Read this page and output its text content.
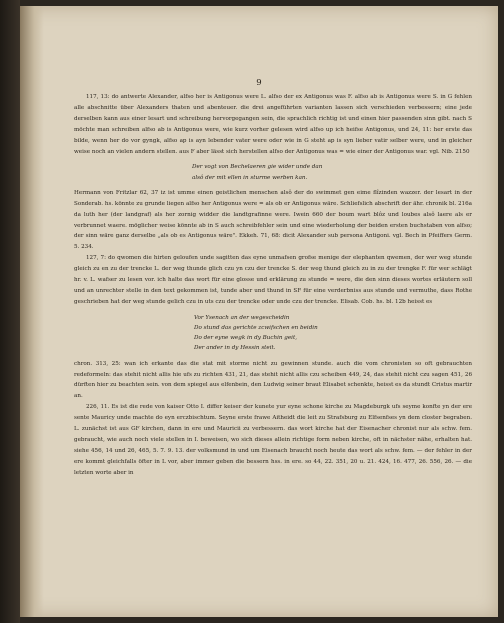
9

117, 13: do antwerte Alexander, alfso her is Antigonus were L. alfso der ex Antigonus was F. alfso ab is Antigonus were S. in G fehlen alle abschnitte über Alexanders thaten und abenteuer. die drei angeführten varianten lassen sich verschieden verbessern; eine jede derselben kann aus einer lesart und schreibung hervorgegangen sein, die sprachlich richtig ist und einen hier passenden sinn gibt. nach S möchte man schreiben alfso ab is Antigonus were, wie kurz vorher gelesen wird alfso up ich heifse Antigonus, und 24, 11: her erste das bilde, wenn her do vor gyngk, alfso ap is ayn lebender vater were oder wie in G steht ap is syn lieber vatir selber were, und in gleicher weise noch an vielen andern stellen. aus F aber lässt sich herstellen alfso der Antigonus was = wie einer der Antigonus war. vgl. Nib. 2150

Der vogt von Bechelaeren gie wider unde dan
alsô der mit ellen in sturme werben kan.

Hermann von Fritzlar 62, 37 iz ist umme einen geistlichen menschen alsô der do swimmet gen eime flîzinden wazzer. der lesart in der Sonderab. hs. könnte zu grunde liegen alfso her Antigonus were = als ob er Antigonus wäre. Schliefslich abschrift der ähr. chronik bl. 216a da luth her (der landgraf) als her zornig widder die landtgrafinne were. Iwein 660 der boum wart blôz und loubes alsô laere als er verbrunnet waere. möglicher weise könnte ab in S auch schreibfehler sein und eine wiederholung der beiden ersten buchstaben von alfso; der sinn wäre ganz derselbe „als ob es Antigonus wäre". Ekkeh. 71, 68: dicit Alexander sub persona Antigoni. vgl. Bech in Pfeiffers Germ. 5. 234.

127, 7: do qwomen die hirten geloufen unde sagitten das eyne unmafsen grofse menige der elephanten qwemen, der wer weg stunde gleich zu en zu der trencke L. der weg thunde glich czu yn czu der trencke S. der weg thund gleich zu in zu der trengke F. für wer schlägt hr. v. L. wafser zu lesen vor. ich halte das wort für eine glosse und erklärung zu stunde = were, die den sinn dieses wortes erläutern soll und an unrechter stelle in den text gekommen ist, tunde aber und thund in SF für eine verderbniss aus stunde und vermuthe, dass Rothe geschrieben hat der weg stunde gelich czu in uts czu der trencke oder unde czu der trencke. Elisab. Cob. hs. bl. 12b heisst es

Vor Ysenach an der wegescheidin
Do stund das gerichte zcwifschen en beidin
Do der eyne wegk in dy Buchin geit,
Der ander in dy Hessin steit.

chron. 313, 25: wan ich erkante das die stat mit storme nicht zu gewinnen stunde. auch die vom chronisten so oft gebrauchten redeformeln: das stehit nicht allis hie ufs zu richten 431, 21, das stehit nicht allis czu scheiben 449, 24, das stehit nicht czu sagen 451, 26 dürften hier zu beachten sein. von dem spiegel aus elfenbein, den Ludwig seiner braut Elisabet schenkte, heisst es da stundt Cristus martir an.

226, 11. Es ist die rede von kaiser Otto I. differ keiser der kunete yur eyne schone kirche zu Magdeburgk ufs seyme konfte yn der ere sente Mauricy unde machte do eyn erczbischtum. Seyne erste frawe Aitheidt die leit zu Strafsburg zu Elfsenfses yn dem closter begraben. L. zunächst ist aus GF kirchen, dann in ere und Mauricii zu verbessern. das wort kirche hat der Eisenacher chronist nur als schw. fem. gebraucht, wie auch noch viele stellen in I. beweisen, wo sich dieses allein richtige form neben kirche, oft in nächster nähe, erhalten hat. siehe 456, 14 und 26, 465, 5. 7. 9. 13. der volksmund in und um Eisenach braucht noch heute das wort als schw. fem. — der fehler in der ere kommt gleichfalls öfter in L vor, aber immer geben die bessern hss. in ere. so 44, 22. 351, 20 u. 21. 424, 16. 477, 26. 556, 26. — die letzten worte aber in
